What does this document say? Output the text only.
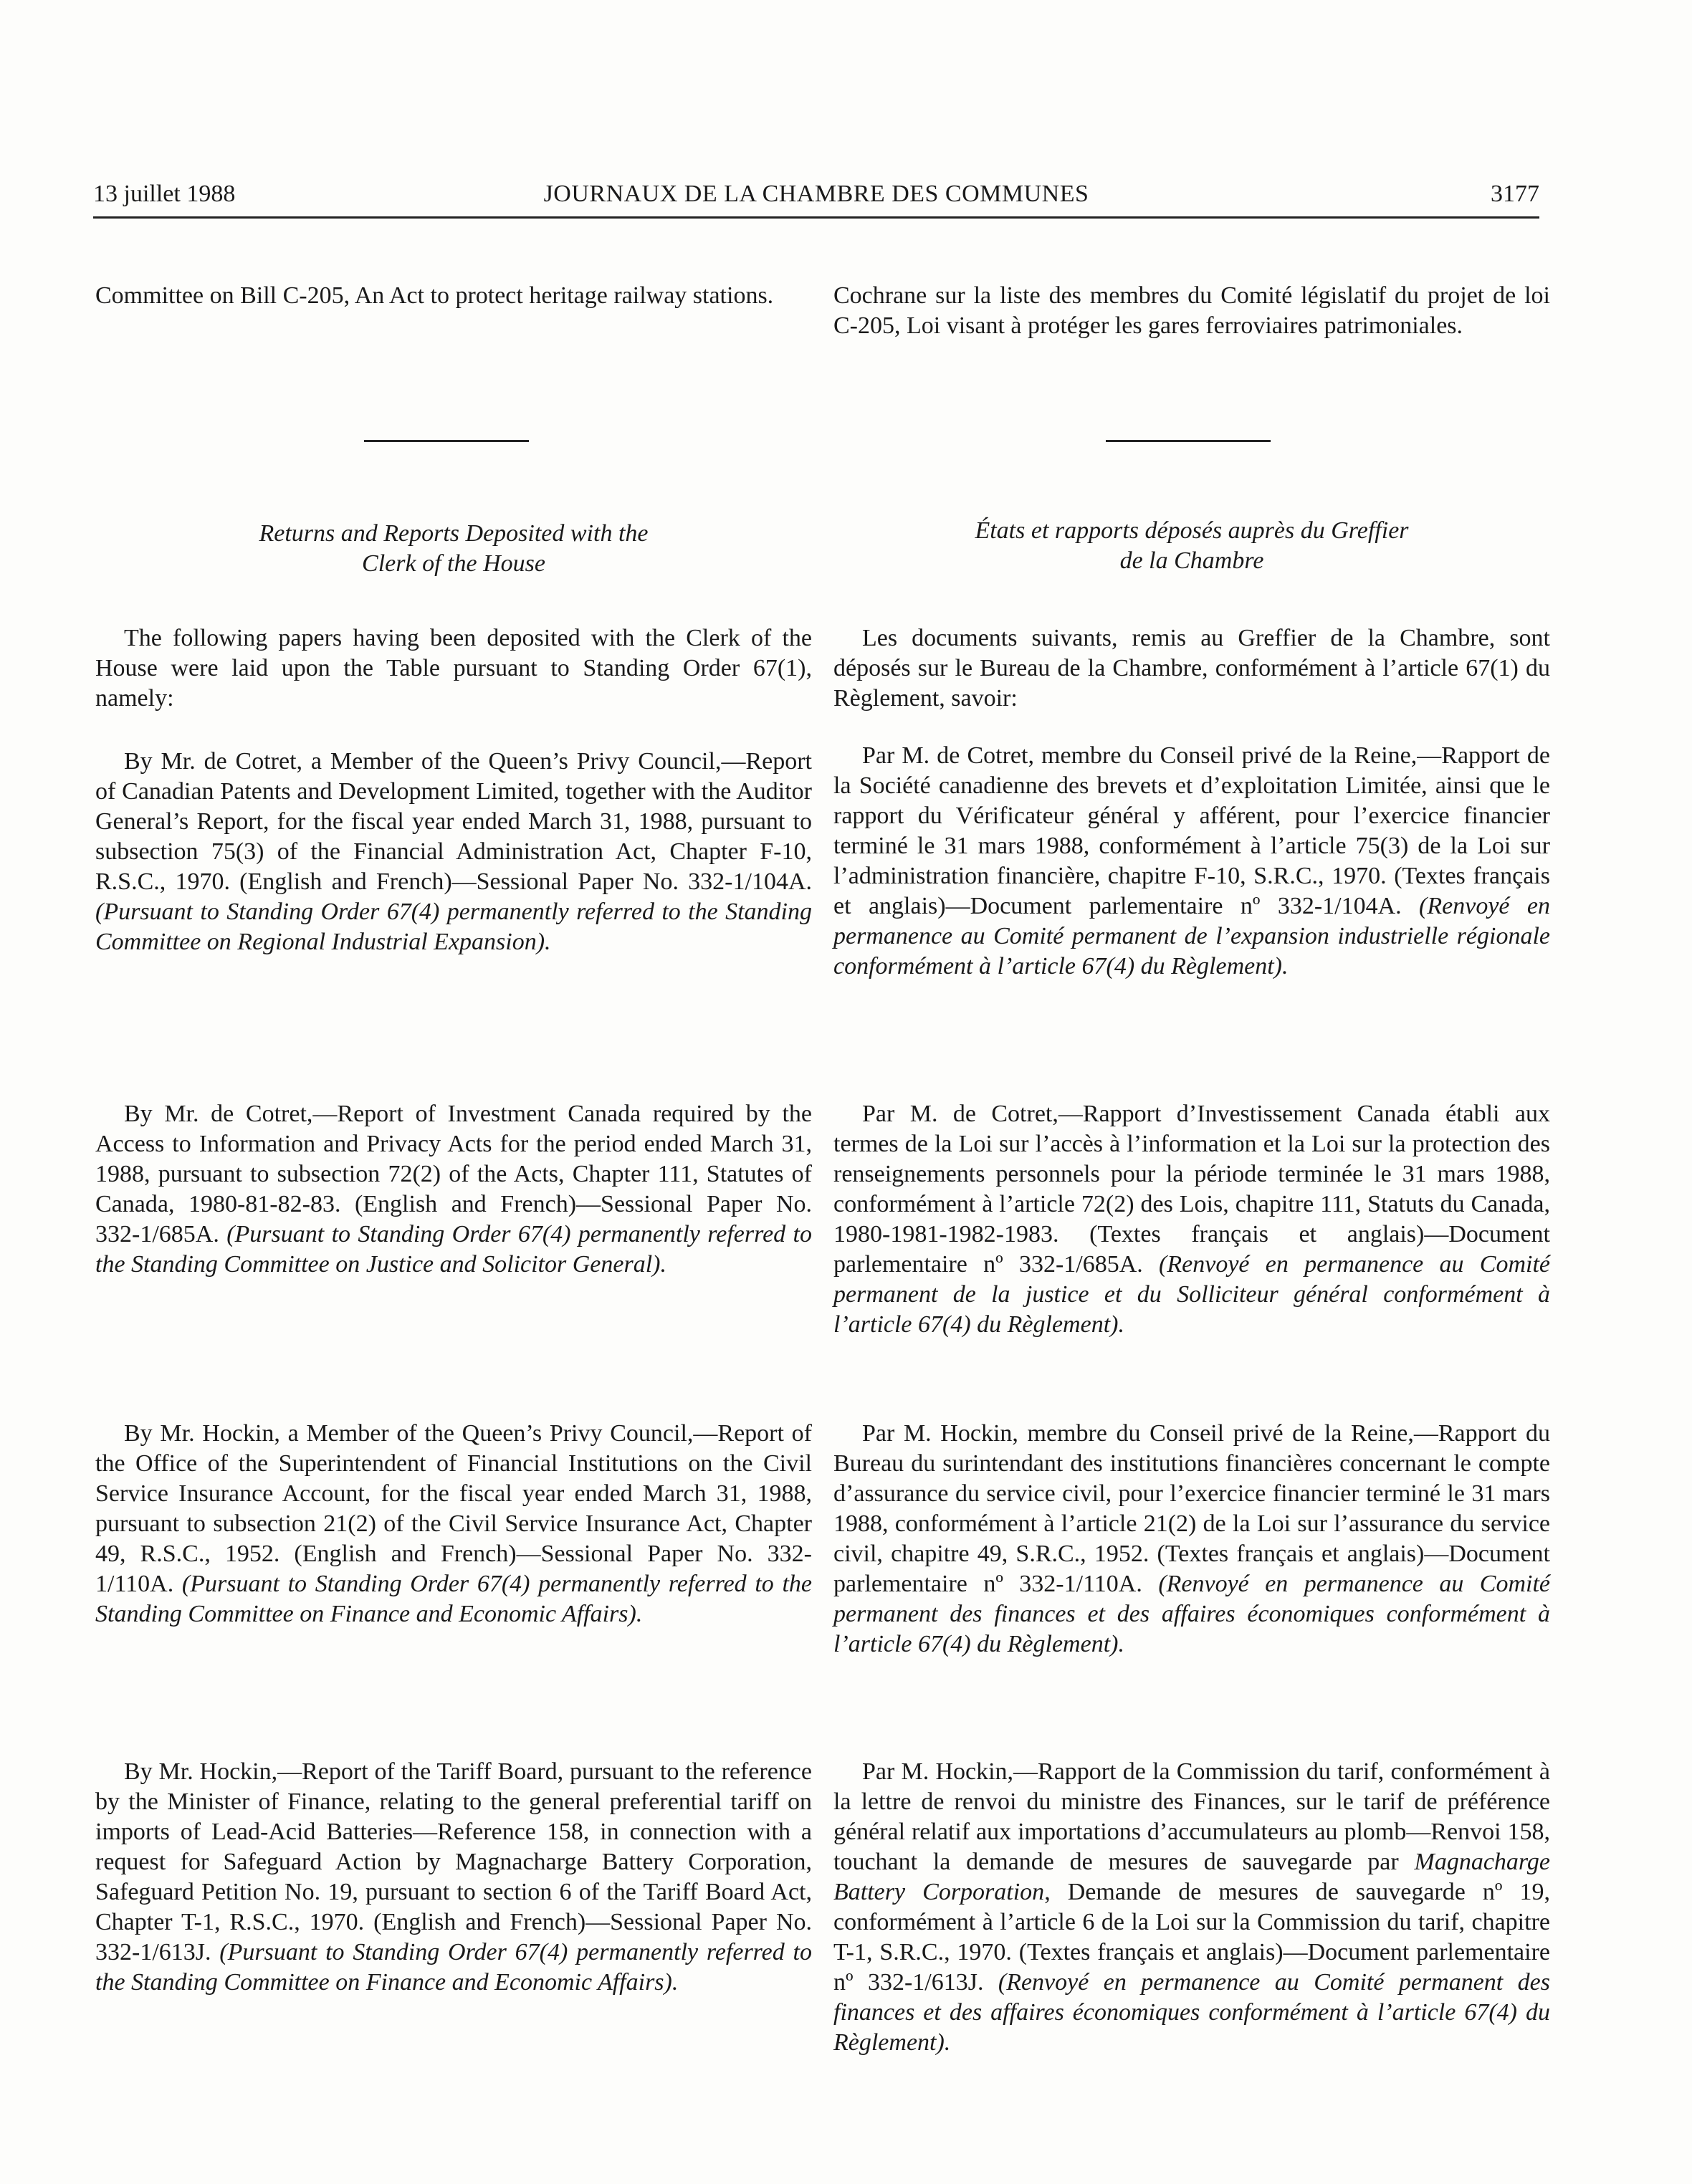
13 juillet 1988	JOURNAUX DE LA CHAMBRE DES COMMUNES	3177

Committee on Bill C-205, An Act to protect heritage railway stations.

Returns and Reports Deposited with the

Clerk of the House

The following papers having been deposited with the Clerk of the House were laid upon the Table pursuant to Standing Order 67(1), namely:

By Mr. de Cotret, a Member of the Queen’s Privy Council,—Report of Canadian Patents and Development Limited, together with the Auditor General’s Report, for the fiscal year ended March 31, 1988, pursuant to subsection 75(3) of the Financial Administration Act, Chapter F-10, R.S.C., 1970. (English and French)—Sessional Paper No. 332-1/104A. (Pursuant to Standing Order 67(4) permanently referred to the Standing Committee on Regional Industrial Expansion).

By Mr. de Cotret,—Report of Investment Canada required by the Access to Information and Privacy Acts for the period ended March 31, 1988, pursuant to subsection 72(2) of the Acts, Chapter 111, Statutes of Canada, 1980-81-82-83. (English and French)—Sessional Paper No. 332-1/685A. (Pursuant to Standing Order 67(4) permanently referred to the Standing Committee on Justice and Solicitor General).

By Mr. Hockin, a Member of the Queen’s Privy Council,—Report of the Office of the Superintendent of Financial Institutions on the Civil Service Insurance Account, for the fiscal year ended March 31, 1988, pursuant to subsection 21(2) of the Civil Service Insurance Act, Chapter 49, R.S.C., 1952. (English and French)—Sessional Paper No. 332-1/110A. (Pursuant to Standing Order 67(4) permanently referred to the Standing Committee on Finance and Economic Affairs).

By Mr. Hockin,—Report of the Tariff Board, pursuant to the reference by the Minister of Finance, relating to the general preferential tariff on imports of Lead-Acid Batteries—Reference 158, in connection with a request for Safeguard Action by Magnacharge Battery Corporation, Safeguard Petition No. 19, pursuant to section 6 of the Tariff Board Act, Chapter T-1, R.S.C., 1970. (English and French)—Sessional Paper No. 332-1/613J. (Pursuant to Standing Order 67(4) permanently referred to the Standing Committee on Finance and Economic Affairs).

Cochrane sur la liste des membres du Comité législatif du projet de loi C-205, Loi visant à protéger les gares ferroviaires patrimoniales.

États et rapports déposés auprès du Greffier

de la Chambre

Les documents suivants, remis au Greffier de la Chambre, sont déposés sur le Bureau de la Chambre, conformément à l’article 67(1) du Règlement, savoir:

Par M. de Cotret, membre du Conseil privé de la Reine,—Rapport de la Société canadienne des brevets et d’exploitation Limitée, ainsi que le rapport du Vérificateur général y afférent, pour l’exercice financier terminé le 31 mars 1988, conformément à l’article 75(3) de la Loi sur l’administration financière, chapitre F-10, S.R.C., 1970. (Textes français et anglais)—Document parlementaire nº 332-1/104A. (Renvoyé en permanence au Comité permanent de l’expansion industrielle régionale conformément à l’article 67(4) du Règlement).

Par M. de Cotret,—Rapport d’Investissement Canada établi aux termes de la Loi sur l’accès à l’information et la Loi sur la protection des renseignements personnels pour la période terminée le 31 mars 1988, conformément à l’article 72(2) des Lois, chapitre 111, Statuts du Canada, 1980-1981-1982-1983. (Textes français et anglais)—Document parlementaire nº 332-1/685A. (Renvoyé en permanence au Comité permanent de la justice et du Solliciteur général conformément à l’article 67(4) du Règlement).

Par M. Hockin, membre du Conseil privé de la Reine,—Rapport du Bureau du surintendant des institutions financières concernant le compte d’assurance du service civil, pour l’exercice financier terminé le 31 mars 1988, conformément à l’article 21(2) de la Loi sur l’assurance du service civil, chapitre 49, S.R.C., 1952. (Textes français et anglais)—Document parlementaire nº 332-1/110A. (Renvoyé en permanence au Comité permanent des finances et des affaires économiques conformément à l’article 67(4) du Règlement).

Par M. Hockin,—Rapport de la Commission du tarif, conformément à la lettre de renvoi du ministre des Finances, sur le tarif de préférence général relatif aux importations d’accumulateurs au plomb—Renvoi 158, touchant la demande de mesures de sauvegarde par Magnacharge Battery Corporation, Demande de mesures de sauvegarde nº 19, conformément à l’article 6 de la Loi sur la Commission du tarif, chapitre T-1, S.R.C., 1970. (Textes français et anglais)—Document parlementaire nº 332-1/613J. (Renvoyé en permanence au Comité permanent des finances et des affaires économiques conformément à l’article 67(4) du Règlement).
